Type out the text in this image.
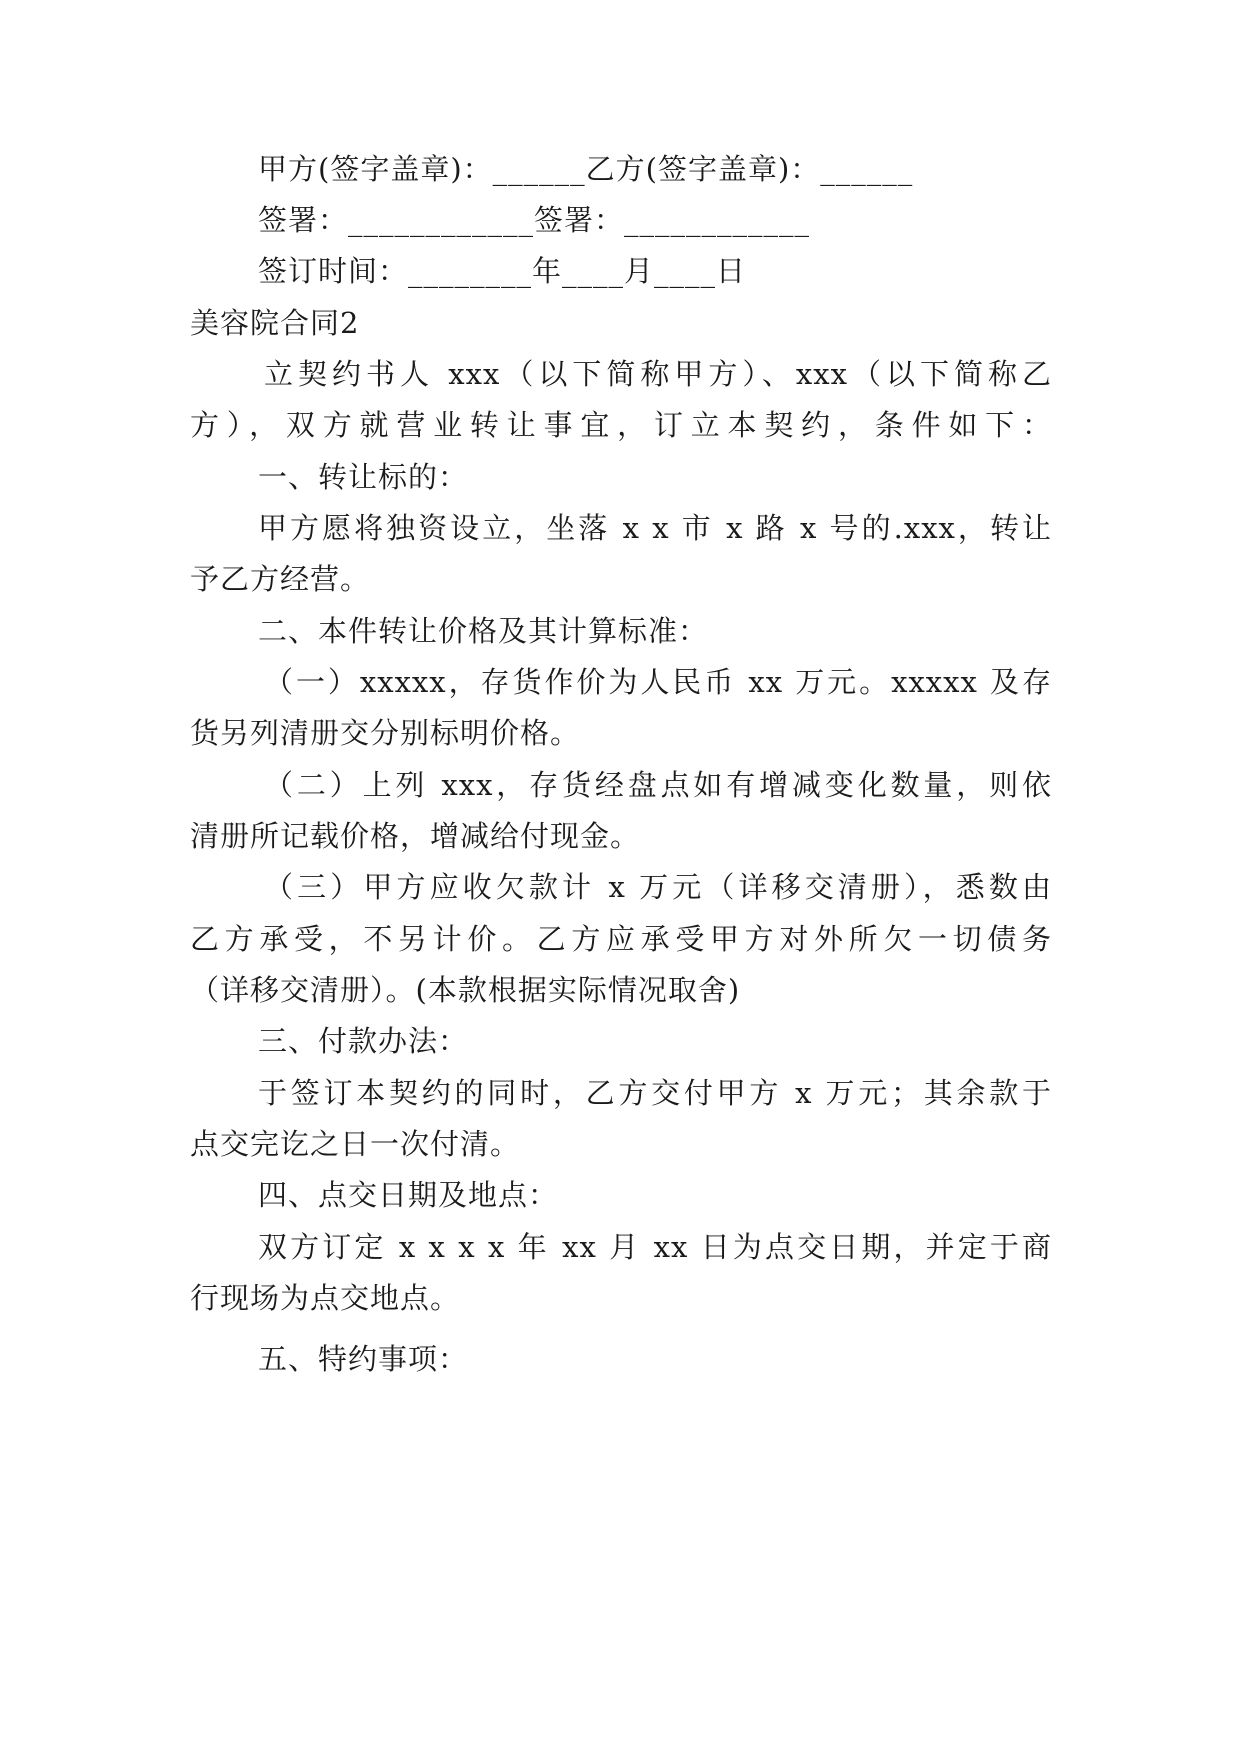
甲方(签字盖章)：______乙方(签字盖章)：______
签署：____________签署：____________
签订时间：________年____月____日
美容院合同2
立契约书人 xxx（以下简称甲方）、xxx（以下简称乙
方），双方就营业转让事宜，订立本契约，条件如下：
一、转让标的：
甲方愿将独资设立，坐落 x x 市 x 路 x 号的.xxx，转让
予乙方经营。
二、本件转让价格及其计算标准：
（一）xxxxx，存货作价为人民币 xx 万元。xxxxx 及存
货另列清册交分别标明价格。
（二）上列 xxx，存货经盘点如有增减变化数量，则依
清册所记载价格，增减给付现金。
（三）甲方应收欠款计 x 万元（详移交清册），悉数由
乙方承受，不另计价。乙方应承受甲方对外所欠一切债务
（详移交清册）。(本款根据实际情况取舍)
三、付款办法：
于签订本契约的同时，乙方交付甲方 x 万元；其余款于
点交完讫之日一次付清。
四、点交日期及地点：
双方订定 x x x x 年 xx 月 xx 日为点交日期，并定于商
行现场为点交地点。
五、特约事项：
